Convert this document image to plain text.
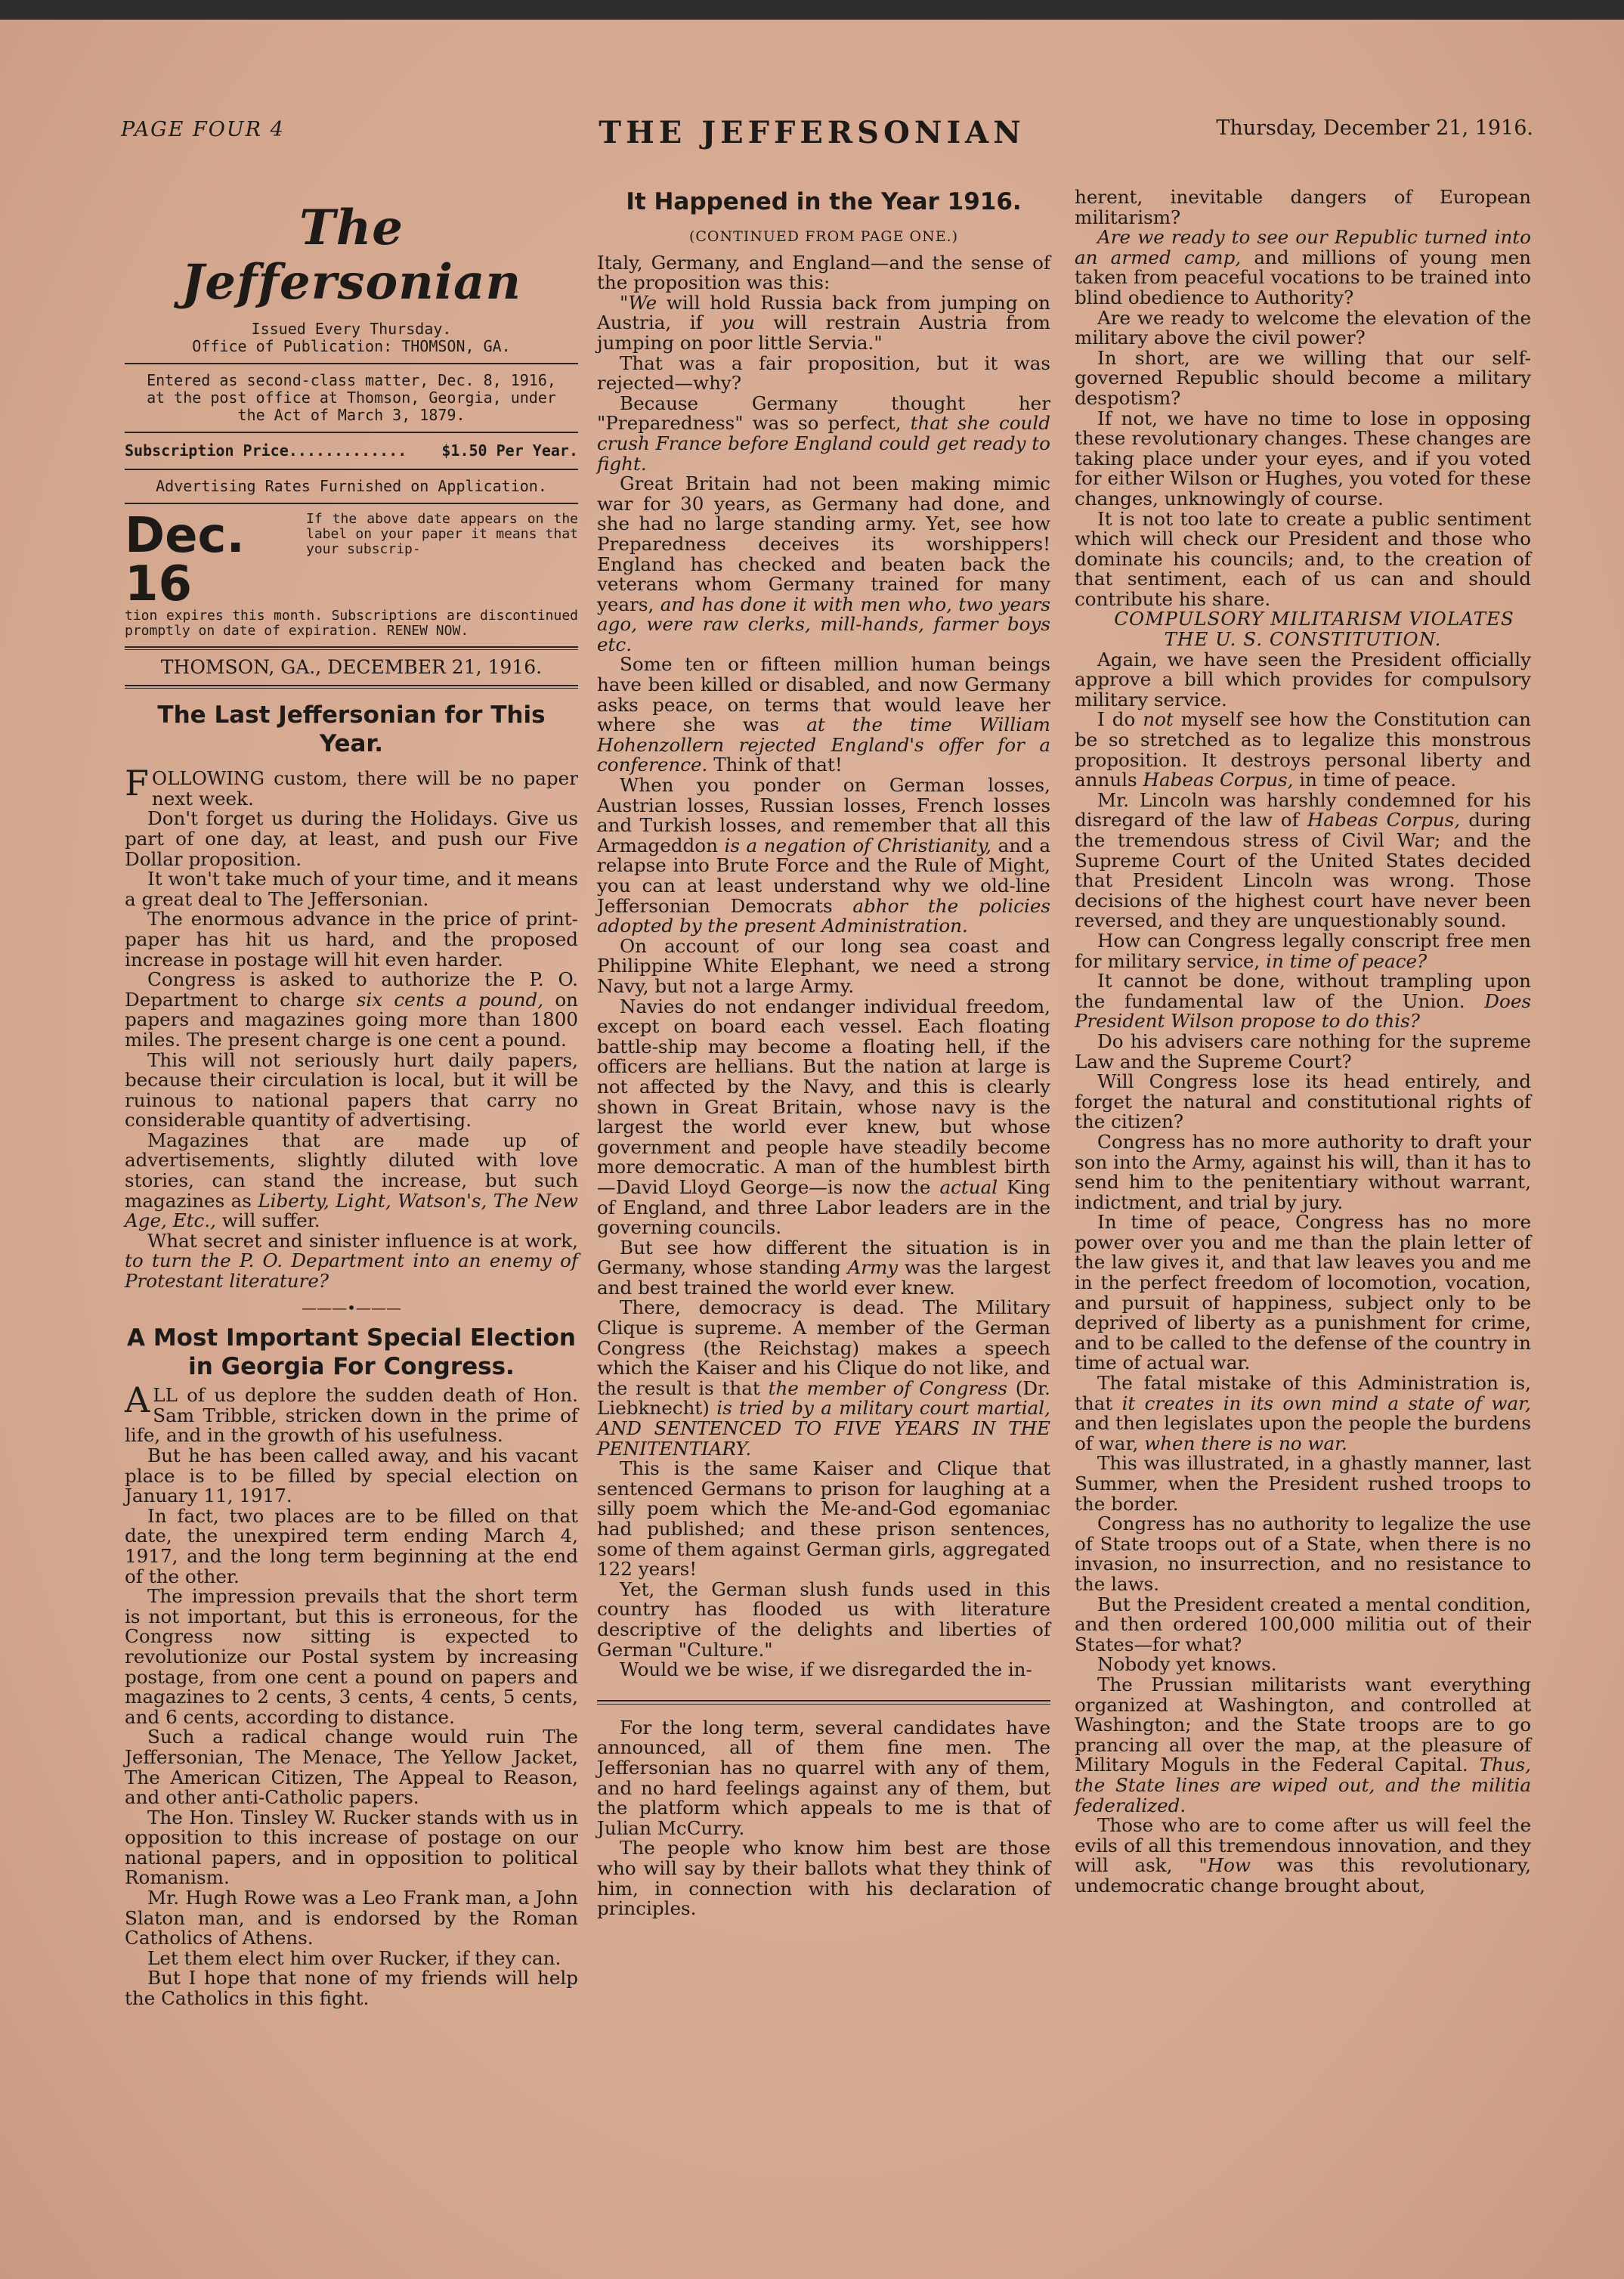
PAGE FOUR 4	THE JEFFERSONIAN	Thursday, December 21, 1916.
The Jeffersonian
Issued Every Thursday.
Office of Publication: THOMSON, GA.
Entered as second-class matter, Dec. 8, 1916, at the post office at Thomson, Georgia, under the Act of March 3, 1879.
Subscription Price............. $1.50 Per Year.
Advertising Rates Furnished on Application.
Dec. 16
If the above date appears on the label on your paper it means that your subscrip-
tion expires this month. Subscriptions are discontinued promptly on date of expiration. RENEW NOW.
THOMSON, GA., DECEMBER 21, 1916.
The Last Jeffersonian for This Year.

FOLLOWING custom, there will be no paper next week.

Don't forget us during the Holidays. Give us part of one day, at least, and push our Five Dollar proposition.

It won't take much of your time, and it means a great deal to The Jeffersonian.

The enormous advance in the price of print-paper has hit us hard, and the proposed increase in postage will hit even harder.

Congress is asked to authorize the P. O. Department to charge six cents a pound, on papers and magazines going more than 1800 miles. The present charge is one cent a pound.

This will not seriously hurt daily papers, because their circulation is local, but it will be ruinous to national papers that carry no considerable quantity of advertising.

Magazines that are made up of advertisements, slightly diluted with love stories, can stand the increase, but such magazines as Liberty, Light, Watson's, The New Age, Etc., will suffer.

What secret and sinister influence is at work, to turn the P. O. Department into an enemy of Protestant literature?

———•———
A Most Important Special Election in Georgia For Congress.

ALL of us deplore the sudden death of Hon. Sam Tribble, stricken down in the prime of life, and in the growth of his usefulness.

But he has been called away, and his vacant place is to be filled by special election on January 11, 1917.

In fact, two places are to be filled on that date, the unexpired term ending March 4, 1917, and the long term beginning at the end of the other.

The impression prevails that the short term is not important, but this is erroneous, for the Congress now sitting is expected to revolutionize our Postal system by increasing postage, from one cent a pound on papers and magazines to 2 cents, 3 cents, 4 cents, 5 cents, and 6 cents, according to distance.

Such a radical change would ruin The Jeffersonian, The Menace, The Yellow Jacket, The American Citizen, The Appeal to Reason, and other anti-Catholic papers.

The Hon. Tinsley W. Rucker stands with us in opposition to this increase of postage on our national papers, and in opposition to political Romanism.

Mr. Hugh Rowe was a Leo Frank man, a John Slaton man, and is endorsed by the Roman Catholics of Athens.

Let them elect him over Rucker, if they can.

But I hope that none of my friends will help the Catholics in this fight.

It Happened in the Year 1916.
(CONTINUED FROM PAGE ONE.)

Italy, Germany, and England—and the sense of the proposition was this:

"We will hold Russia back from jumping on Austria, if you will restrain Austria from jumping on poor little Servia."

That was a fair proposition, but it was rejected—why?

Because Germany thought her "Preparedness" was so perfect, that she could crush France before England could get ready to fight.

Great Britain had not been making mimic war for 30 years, as Germany had done, and she had no large standing army. Yet, see how Preparedness deceives its worshippers! England has checked and beaten back the veterans whom Germany trained for many years, and has done it with men who, two years ago, were raw clerks, mill-hands, farmer boys etc.

Some ten or fifteen million human beings have been killed or disabled, and now Germany asks peace, on terms that would leave her where she was at the time William Hohenzollern rejected England's offer for a conference. Think of that!

When you ponder on German losses, Austrian losses, Russian losses, French losses and Turkish losses, and remember that all this Armageddon is a negation of Christianity, and a relapse into Brute Force and the Rule of Might, you can at least understand why we old-line Jeffersonian Democrats abhor the policies adopted by the present Administration.

On account of our long sea coast and Philippine White Elephant, we need a strong Navy, but not a large Army.

Navies do not endanger individual freedom, except on board each vessel. Each floating battle-ship may become a floating hell, if the officers are hellians. But the nation at large is not affected by the Navy, and this is clearly shown in Great Britain, whose navy is the largest the world ever knew, but whose government and people have steadily become more democratic. A man of the humblest birth—David Lloyd George—is now the actual King of England, and three Labor leaders are in the governing councils.

But see how different the situation is in Germany, whose standing Army was the largest and best trained the world ever knew.

There, democracy is dead. The Military Clique is supreme. A member of the German Congress (the Reichstag) makes a speech which the Kaiser and his Clique do not like, and the result is that the member of Congress (Dr. Liebknecht) is tried by a military court martial, AND SENTENCED TO FIVE YEARS IN THE PENITENTIARY.

This is the same Kaiser and Clique that sentenced Germans to prison for laughing at a silly poem which the Me-and-God egomaniac had published; and these prison sentences, some of them against German girls, aggregated 122 years!

Yet, the German slush funds used in this country has flooded us with literature descriptive of the delights and liberties of German "Culture."

Would we be wise, if we disregarded the in-

For the long term, several candidates have announced, all of them fine men. The Jeffersonian has no quarrel with any of them, and no hard feelings against any of them, but the platform which appeals to me is that of Julian McCurry.

The people who know him best are those who will say by their ballots what they think of him, in connection with his declaration of principles.

herent, inevitable dangers of European militarism?

Are we ready to see our Republic turned into an armed camp, and millions of young men taken from peaceful vocations to be trained into blind obedience to Authority?

Are we ready to welcome the elevation of the military above the civil power?

In short, are we willing that our self-governed Republic should become a military despotism?

If not, we have no time to lose in opposing these revolutionary changes. These changes are taking place under your eyes, and if you voted for either Wilson or Hughes, you voted for these changes, unknowingly of course.

It is not too late to create a public sentiment which will check our President and those who dominate his councils; and, to the creation of that sentiment, each of us can and should contribute his share.

COMPULSORY MILITARISM VIOLATES THE U. S. CONSTITUTION.

Again, we have seen the President officially approve a bill which provides for compulsory military service.

I do not myself see how the Constitution can be so stretched as to legalize this monstrous proposition. It destroys personal liberty and annuls Habeas Corpus, in time of peace.

Mr. Lincoln was harshly condemned for his disregard of the law of Habeas Corpus, during the tremendous stress of Civil War; and the Supreme Court of the United States decided that President Lincoln was wrong. Those decisions of the highest court have never been reversed, and they are unquestionably sound.

How can Congress legally conscript free men for military service, in time of peace?

It cannot be done, without trampling upon the fundamental law of the Union. Does President Wilson propose to do this?

Do his advisers care nothing for the supreme Law and the Supreme Court?

Will Congress lose its head entirely, and forget the natural and constitutional rights of the citizen?

Congress has no more authority to draft your son into the Army, against his will, than it has to send him to the penitentiary without warrant, indictment, and trial by jury.

In time of peace, Congress has no more power over you and me than the plain letter of the law gives it, and that law leaves you and me in the perfect freedom of locomotion, vocation, and pursuit of happiness, subject only to be deprived of liberty as a punishment for crime, and to be called to the defense of the country in time of actual war.

The fatal mistake of this Administration is, that it creates in its own mind a state of war, and then legislates upon the people the burdens of war, when there is no war.

This was illustrated, in a ghastly manner, last Summer, when the President rushed troops to the border.

Congress has no authority to legalize the use of State troops out of a State, when there is no invasion, no insurrection, and no resistance to the laws.

But the President created a mental condition, and then ordered 100,000 militia out of their States—for what?

Nobody yet knows.

The Prussian militarists want everything organized at Washington, and controlled at Washington; and the State troops are to go prancing all over the map, at the pleasure of Military Moguls in the Federal Capital. Thus, the State lines are wiped out, and the militia federalized.

Those who are to come after us will feel the evils of all this tremendous innovation, and they will ask, "How was this revolutionary, undemocratic change brought about,
